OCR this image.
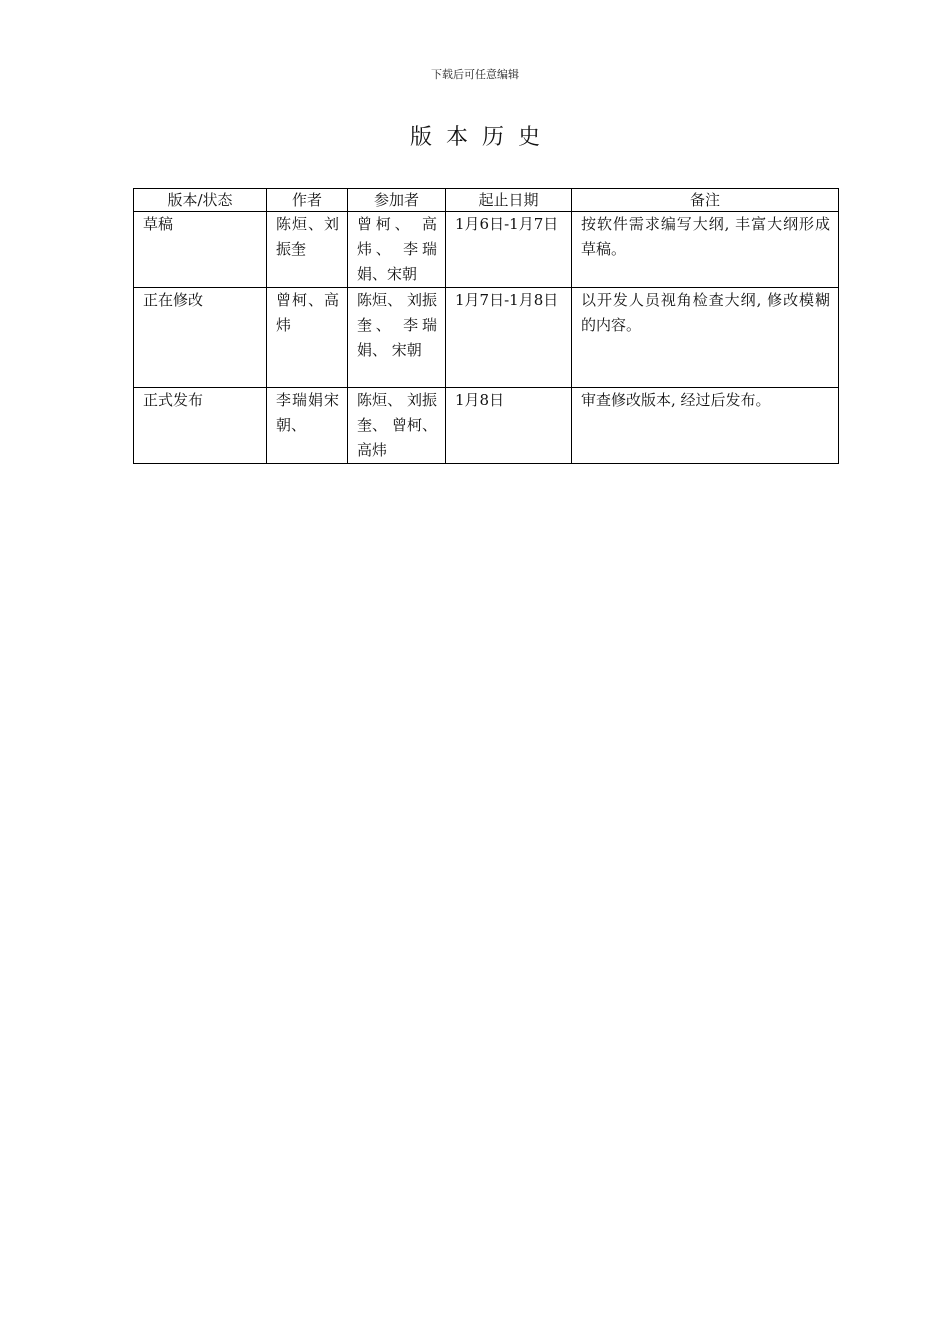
下载后可任意编辑
版本历史
版本/状态	作者	参加者	起止日期	备注
草稿	陈烜、刘振奎	曾柯、 高炜、 李瑞娟、宋朝	1月6日-1月7日	按软件需求编写大纲, 丰富大纲形成草稿。
正在修改	曾柯、高炜	陈烜、 刘振奎、 李瑞娟、 宋朝	1月7日-1月8日	以开发人员视角检查大纲, 修改模糊的内容。
正式发布	李瑞娟宋朝、	陈烜、 刘振奎、 曾柯、高炜	1月8日	审查修改版本, 经过后发布。
